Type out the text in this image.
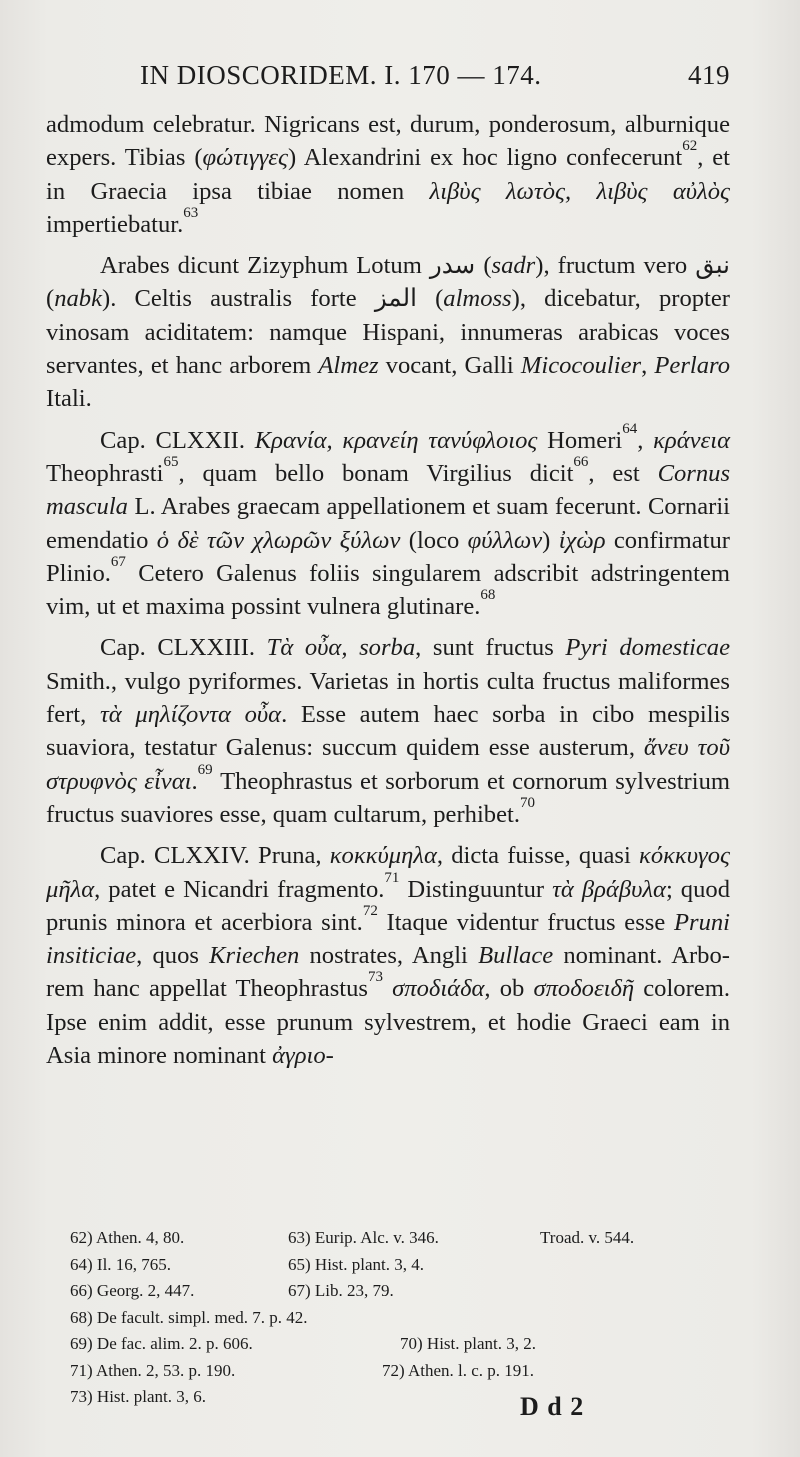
IN DIOSCORIDEM. I. 170 — 174.	419

admodum celebratur. Nigricans est, durum, ponderosum, alburnique expers. Tibias (φώτιγγες) Alexandrini ex hoc ligno confecerunt$^{62}$, et in Graecia ipsa tibiae nomen λιβὺς λωτὸς, λιβὺς αὐλὸς impertiebatur.$^{63}$

Arabes dicunt Zizyphum Lotum سدر (sadr), fructum vero نبق (nabk). Celtis australis forte المز (almoss), dicebatur, propter vinosam aciditatem: namque Hispani, innumeras arabicas voces servantes, et hanc arborem Almez vocant, Galli Micocoulier, Perlaro Itali.

Cap. CLXXII. Κρανία, κρανείη τανύφλοιος Homeri$^{64}$, κράνεια Theophrasti$^{65}$, quam bello bonam Virgilius dicit$^{66}$, est Cornus mascula L. Arabes graecam appellationem et suam fecerunt. Cornarii emendatio ὁ δὲ τῶν χλωρῶν ξύλων (loco φύλλων) ἰχὼρ confirmatur Plinio.$^{67}$ Cetero Galenus foliis singularem adscribit adstringentem vim, ut et maxima possint vulnera glutinare.$^{68}$

Cap. CLXXIII. Τὰ οὖα, sorba, sunt fructus Pyri domesticae Smith., vulgo pyriformes. Varietas in hortis culta fructus maliformes fert, τὰ μηλίζοντα οὖα. Esse autem haec sorba in cibo mespilis suaviora, testatur Galenus: succum quidem esse austerum, ἄνευ τοῦ στρυφνὸς εἶναι.$^{69}$ Theophrastus et sorborum et cornorum sylvestrium fructus suaviores esse, quam cultarum, perhibet.$^{70}$

Cap. CLXXIV. Pruna, κοκκύμηλα, dicta fuisse, quasi κόκκυγος μῆλα, patet e Nicandri fragmento.$^{71}$ Distinguuntur τὰ βράβυλα; quod prunis minora et acerbiora sint.$^{72}$ Itaque videntur fructus esse Pruni insiticiae, quos Kriechen nostrates, Angli Bullace nominant. Arborem hanc appellat Theophrastus$^{73}$ σποδιάδα, ob σποδοειδῆ colorem. Ipse enim addit, esse prunum sylvestrem, et hodie Graeci eam in Asia minore nominant ἀγριο-

62) Athen. 4, 80.	63) Eurip. Alc. v. 346.	Troad. v. 544.
64) Il. 16, 765.	65) Hist. plant. 3, 4.
66) Georg. 2, 447.	67) Lib. 23, 79.
68) De facult. simpl. med. 7. p. 42.
69) De fac. alim. 2. p. 606.	70) Hist. plant. 3, 2.
71) Athen. 2, 53. p. 190.	72) Athen. l. c. p. 191.
73) Hist. plant. 3, 6.	D d 2
